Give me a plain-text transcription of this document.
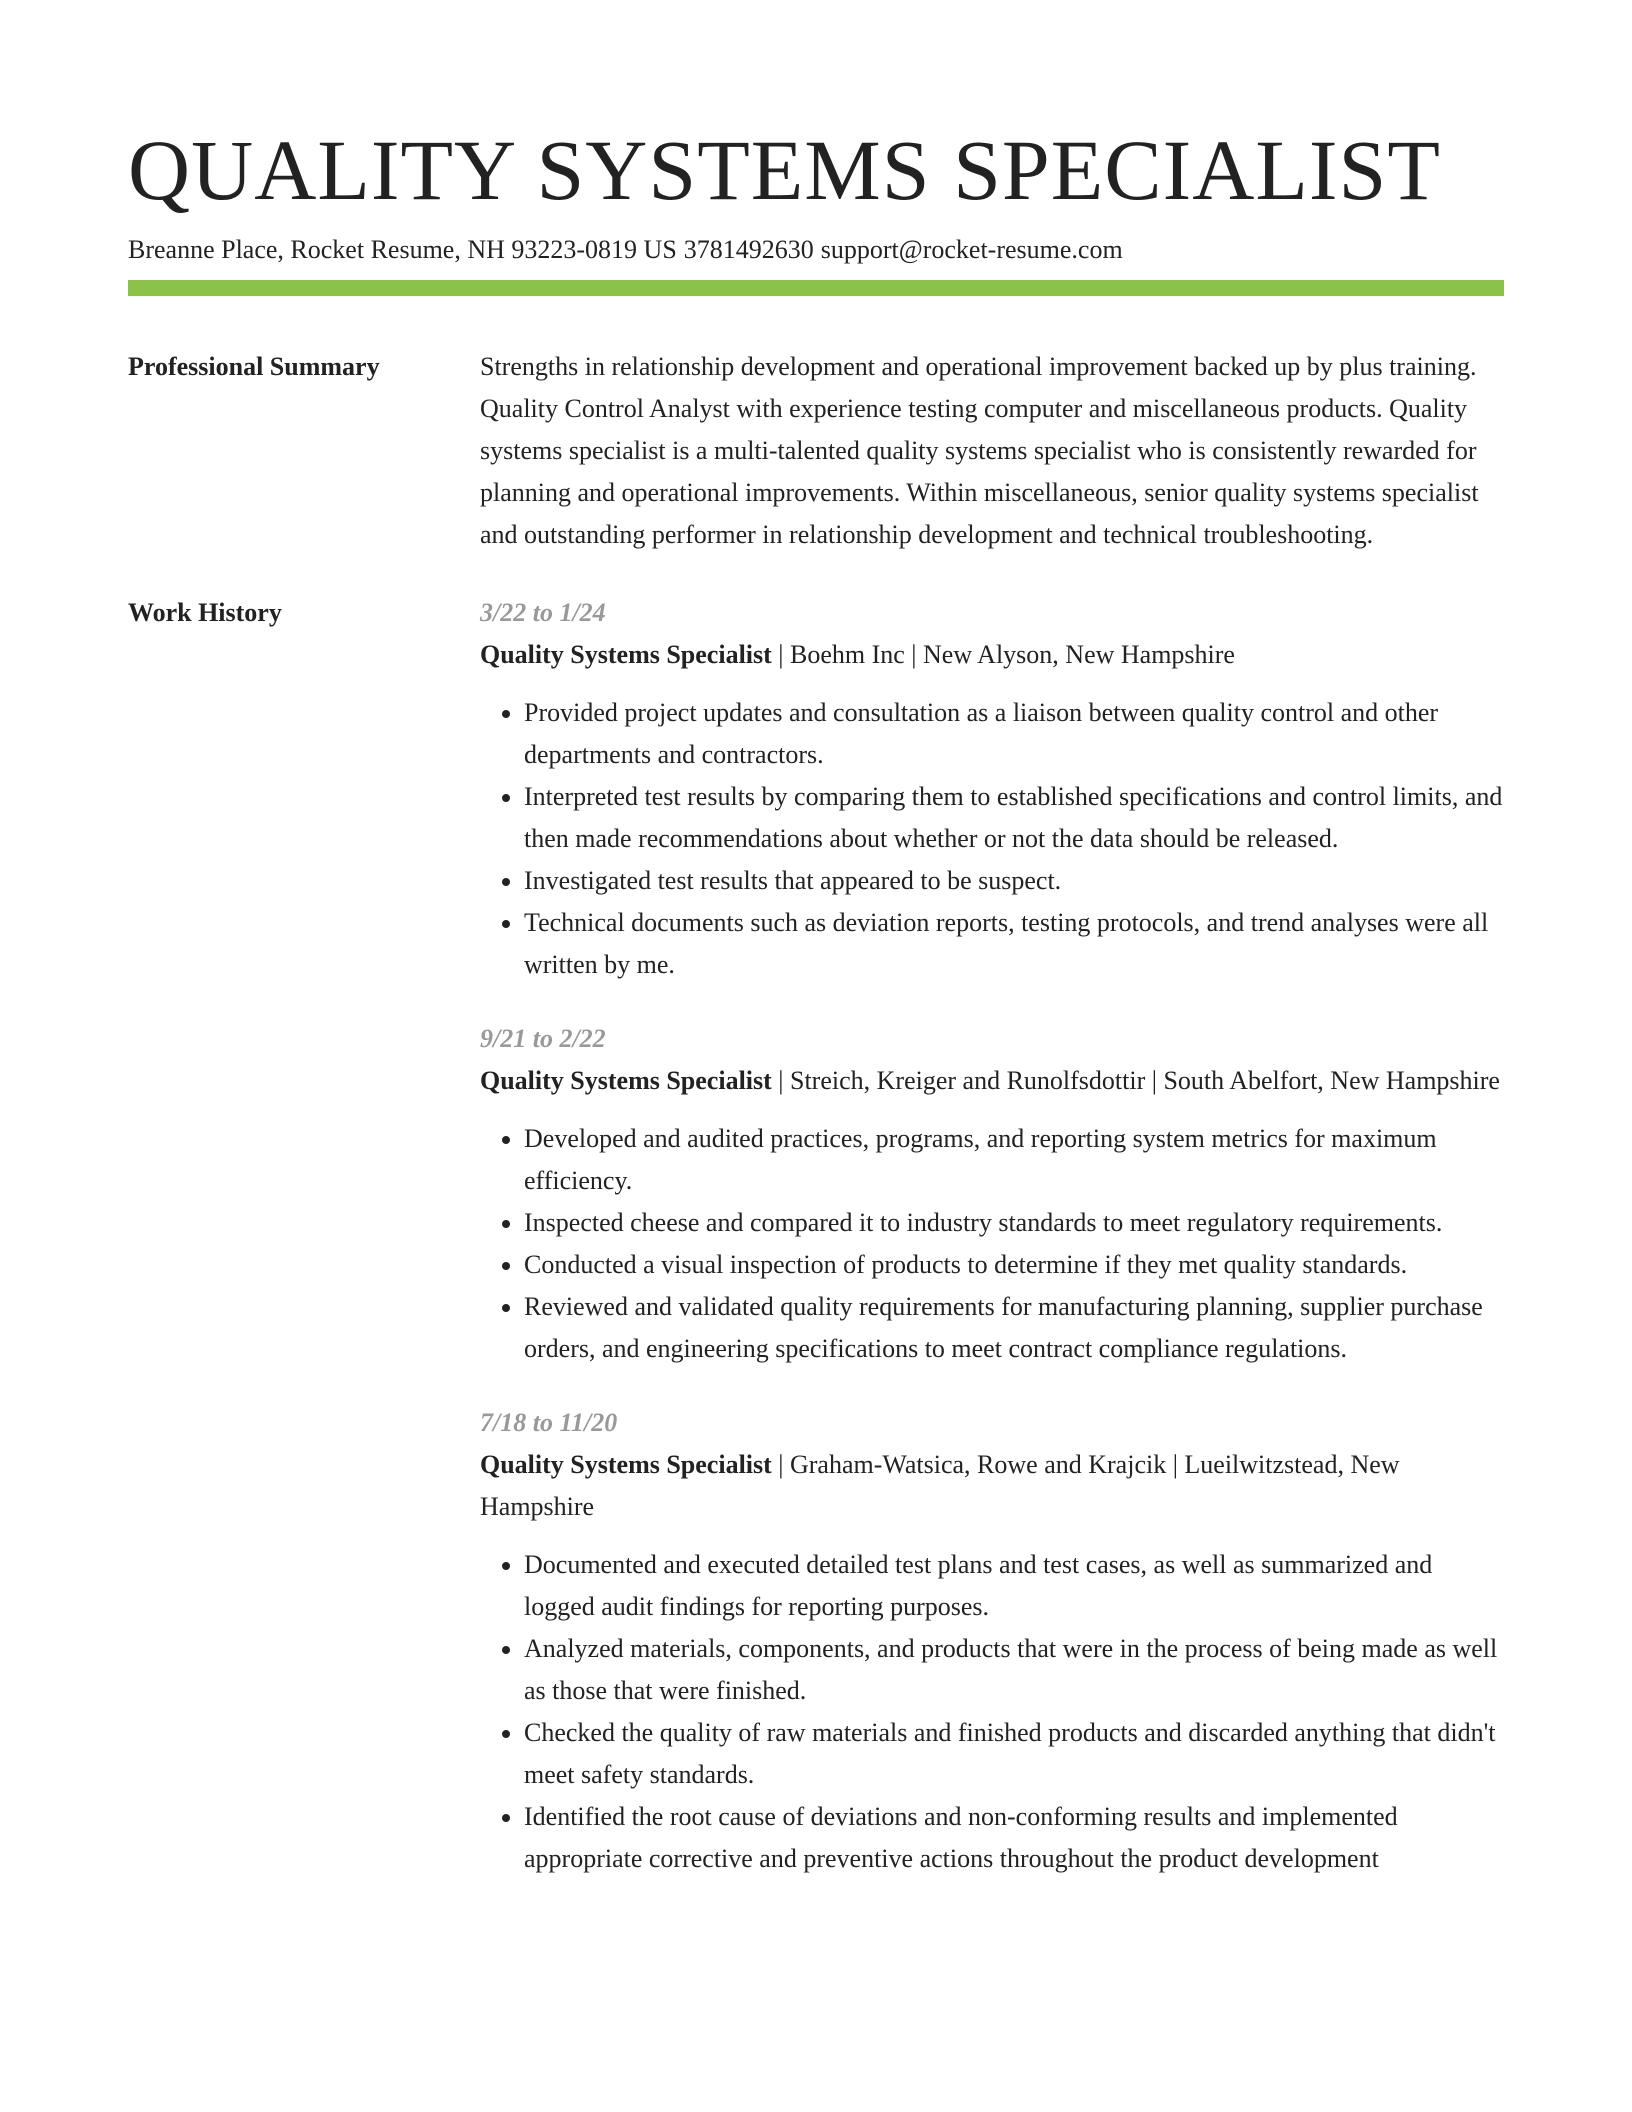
QUALITY SYSTEMS SPECIALIST
Breanne Place, Rocket Resume, NH 93223-0819 US 3781492630 support@rocket-resume.com
Professional Summary	Strengths in relationship development and operational improvement backed up by plus training. Quality Control Analyst with experience testing computer and miscellaneous products. Quality systems specialist is a multi-talented quality systems specialist who is consistently rewarded for planning and operational improvements. Within miscellaneous, senior quality systems specialist and outstanding performer in relationship development and technical troubleshooting.

Work History	3/22 to 1/24
Quality Systems Specialist | Boehm Inc | New Alyson, New Hampshire
• Provided project updates and consultation as a liaison between quality control and other departments and contractors.
• Interpreted test results by comparing them to established specifications and control limits, and then made recommendations about whether or not the data should be released.
• Investigated test results that appeared to be suspect.
• Technical documents such as deviation reports, testing protocols, and trend analyses were all written by me.
9/21 to 2/22
Quality Systems Specialist | Streich, Kreiger and Runolfsdottir | South Abelfort, New Hampshire
• Developed and audited practices, programs, and reporting system metrics for maximum efficiency.
• Inspected cheese and compared it to industry standards to meet regulatory requirements.
• Conducted a visual inspection of products to determine if they met quality standards.
• Reviewed and validated quality requirements for manufacturing planning, supplier purchase orders, and engineering specifications to meet contract compliance regulations.
7/18 to 11/20
Quality Systems Specialist | Graham-Watsica, Rowe and Krajcik | Lueilwitzstead, New Hampshire
• Documented and executed detailed test plans and test cases, as well as summarized and logged audit findings for reporting purposes.
• Analyzed materials, components, and products that were in the process of being made as well as those that were finished.
• Checked the quality of raw materials and finished products and discarded anything that didn't meet safety standards.
• Identified the root cause of deviations and non-conforming results and implemented appropriate corrective and preventive actions throughout the product development
